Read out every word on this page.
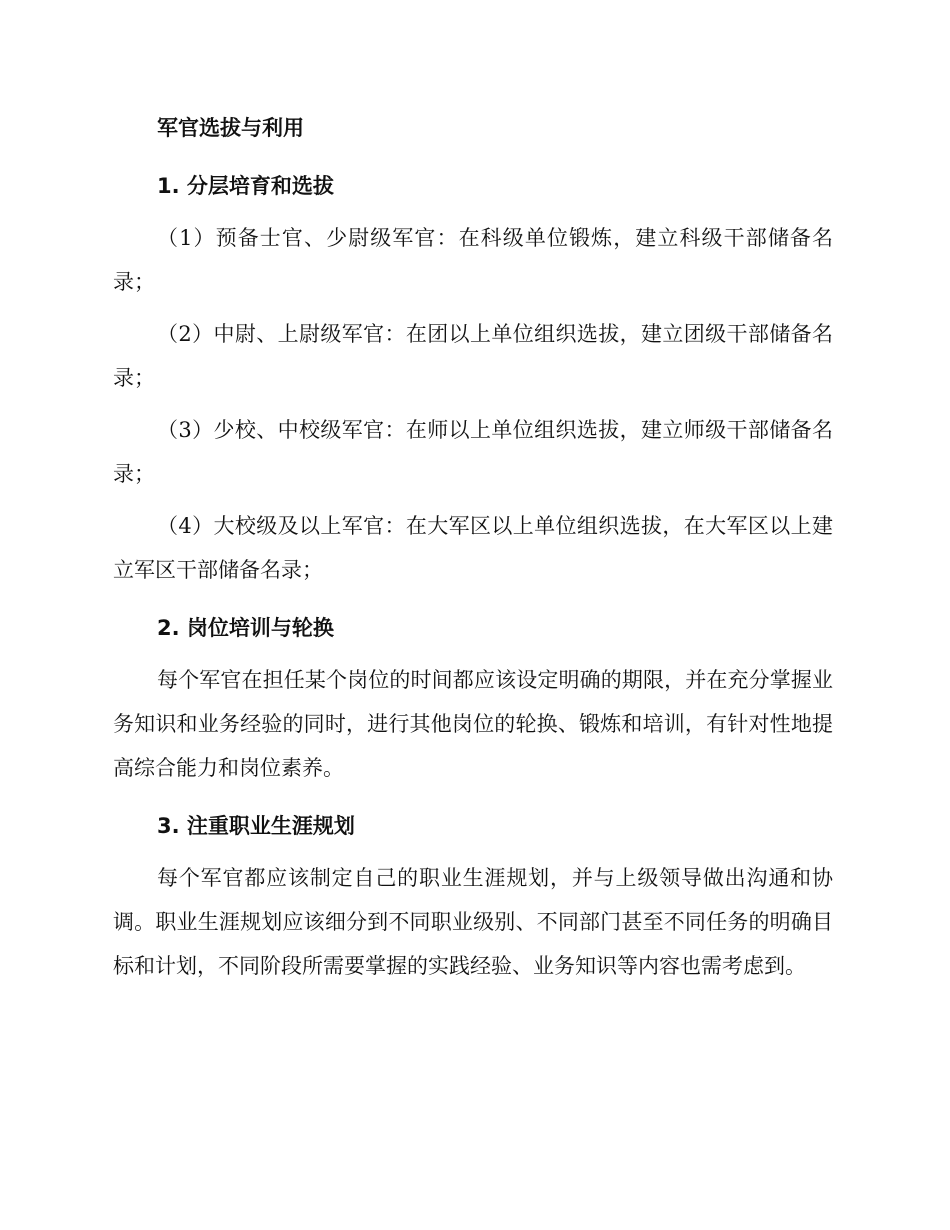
军官选拔与利用
1. 分层培育和选拔

（1）预备士官、少尉级军官：在科级单位锻炼，建立科级干部储备名录；

（2）中尉、上尉级军官：在团以上单位组织选拔，建立团级干部储备名录；

（3）少校、中校级军官：在师以上单位组织选拔，建立师级干部储备名录；

（4）大校级及以上军官：在大军区以上单位组织选拔，在大军区以上建立军区干部储备名录；

2. 岗位培训与轮换

每个军官在担任某个岗位的时间都应该设定明确的期限，并在充分掌握业务知识和业务经验的同时，进行其他岗位的轮换、锻炼和培训，有针对性地提高综合能力和岗位素养。

3. 注重职业生涯规划

每个军官都应该制定自己的职业生涯规划，并与上级领导做出沟通和协调。职业生涯规划应该细分到不同职业级别、不同部门甚至不同任务的明确目标和计划，不同阶段所需要掌握的实践经验、业务知识等内容也需考虑到。
